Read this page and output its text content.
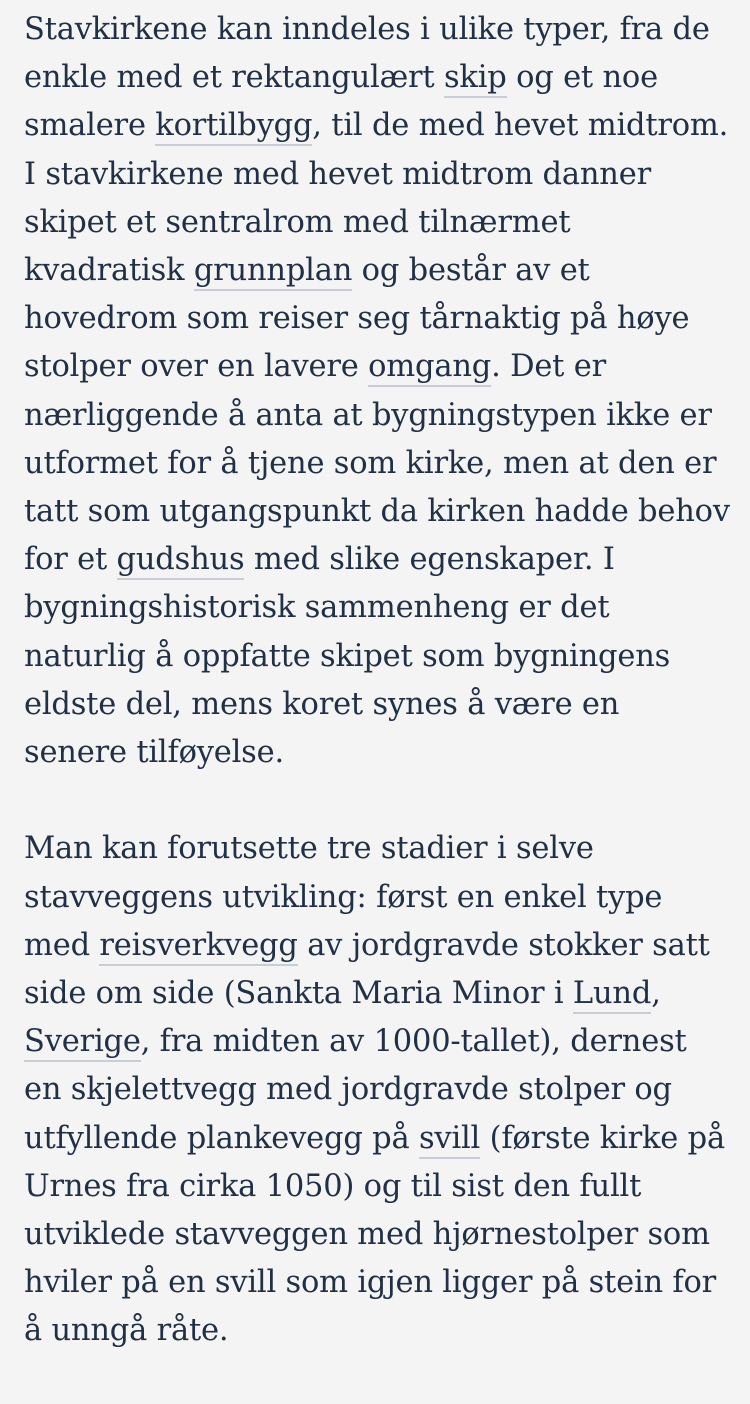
Stavkirkene kan inndeles i ulike typer, fra de enkle med et rektangulært skip og et noe smalere kortilbygg, til de med hevet midtrom. I stavkirkene med hevet midtrom danner skipet et sentralrom med tilnærmet kvadratisk grunnplan og består av et hovedrom som reiser seg tårnaktig på høye stolper over en lavere omgang. Det er nærliggende å anta at bygningstypen ikke er utformet for å tjene som kirke, men at den er tatt som utgangspunkt da kirken hadde behov for et gudshus med slike egenskaper. I bygningshistorisk sammenheng er det naturlig å oppfatte skipet som bygningens eldste del, mens koret synes å være en senere tilføyelse.

Man kan forutsette tre stadier i selve stavveggens utvikling: først en enkel type med reisverkvegg av jordgravde stokker satt side om side (Sankta Maria Minor i Lund, Sverige, fra midten av 1000-tallet), dernest en skjelettvegg med jordgravde stolper og utfyllende plankevegg på svill (første kirke på Urnes fra cirka 1050) og til sist den fullt utviklede stavveggen med hjørnestolper som hviler på en svill som igjen ligger på stein for å unngå råte.
